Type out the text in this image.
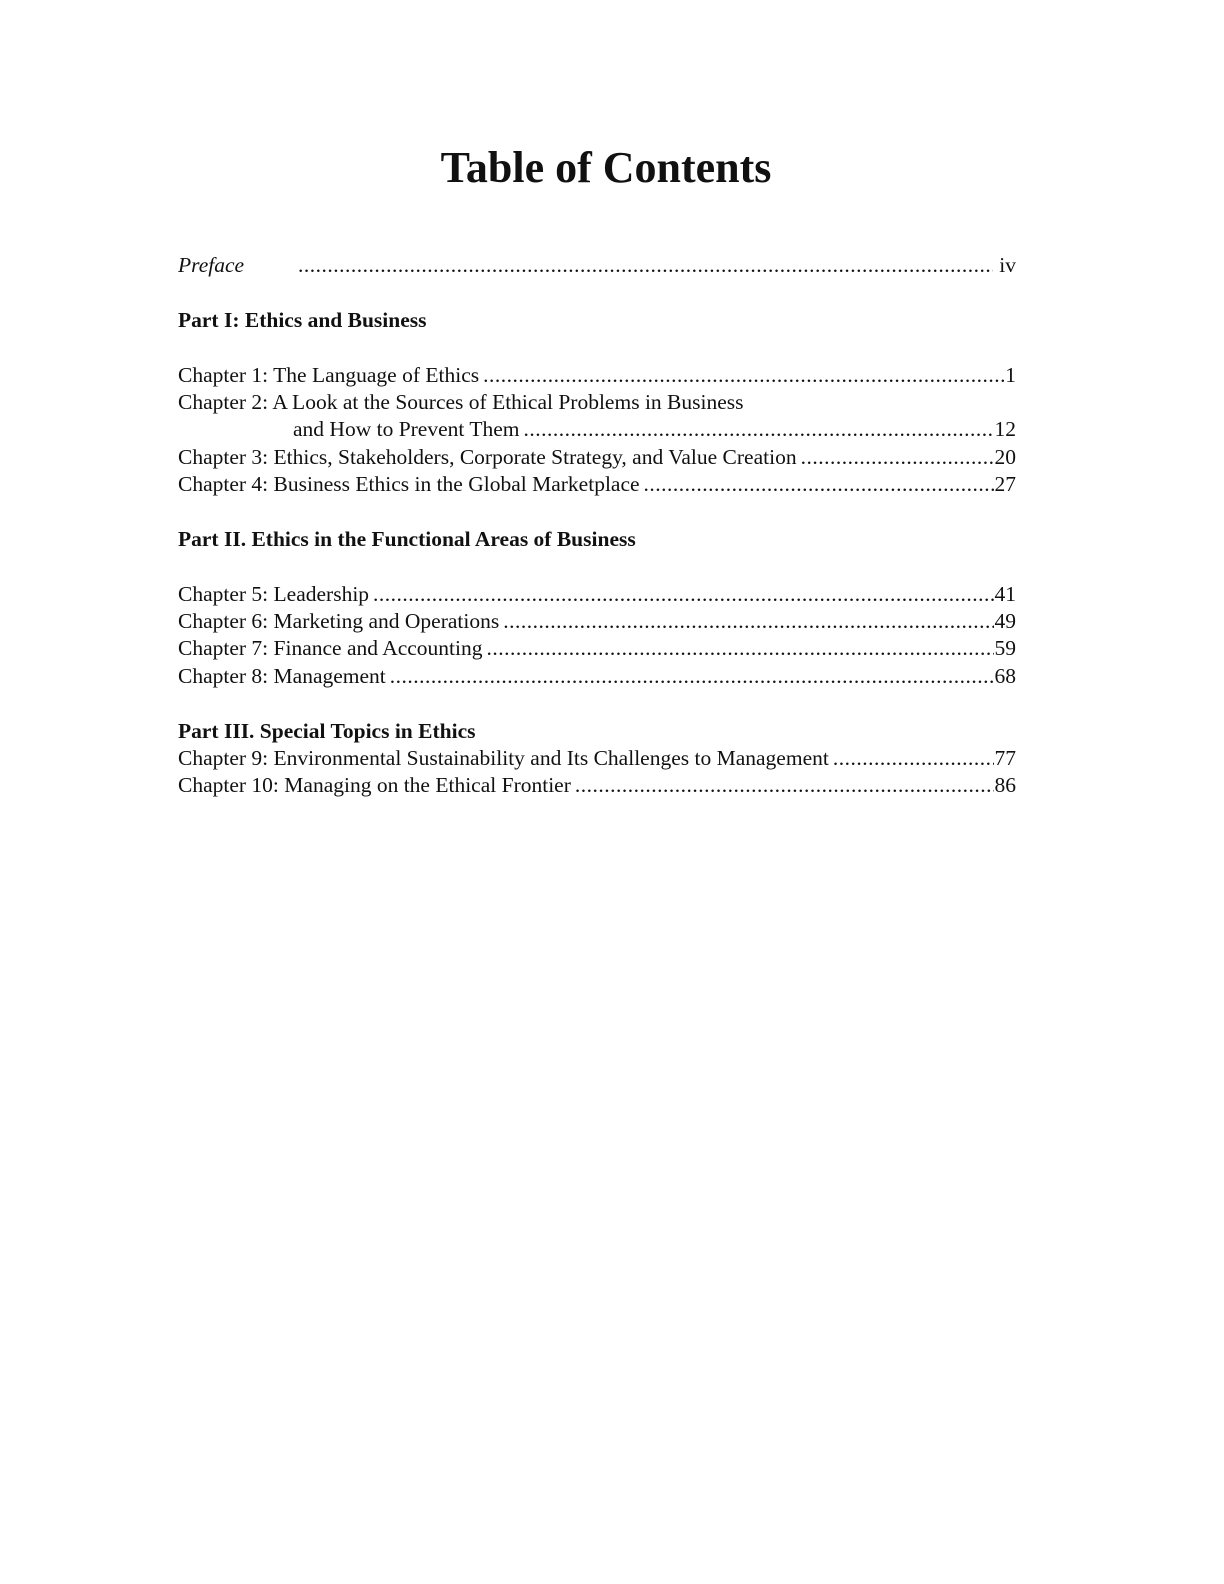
Table of Contents
Preface .....	iv
Part I: Ethics and Business
Chapter 1: The Language of Ethics .....	1
Chapter 2: A Look at the Sources of Ethical Problems in Business
and How to Prevent Them .....	12
Chapter 3: Ethics, Stakeholders, Corporate Strategy, and Value Creation .....	20
Chapter 4: Business Ethics in the Global Marketplace .....	27
Part II. Ethics in the Functional Areas of Business
Chapter 5: Leadership .....	41
Chapter 6: Marketing and Operations .....	49
Chapter 7: Finance and Accounting .....	59
Chapter 8: Management .....	68
Part III. Special Topics in Ethics
Chapter 9: Environmental Sustainability and Its Challenges to Management .....	77
Chapter 10: Managing on the Ethical Frontier .....	86
